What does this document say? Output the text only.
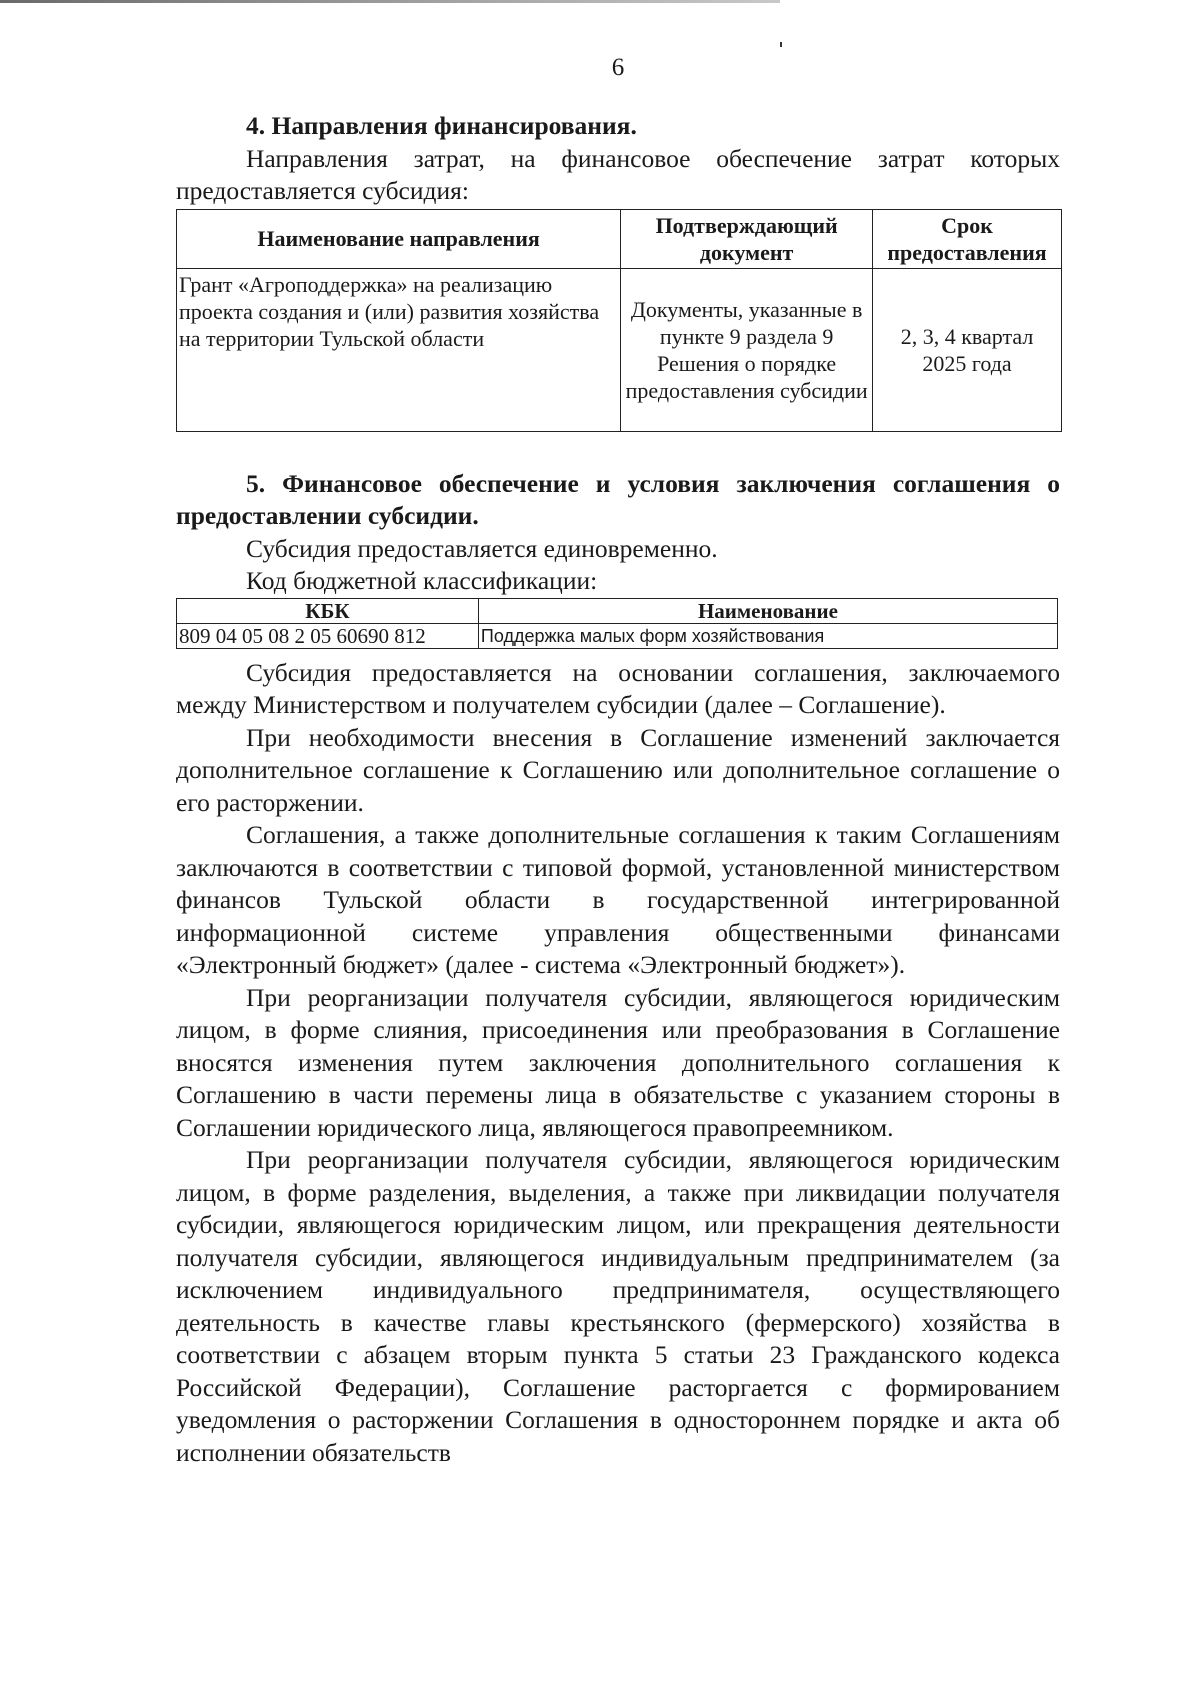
6

4. Направления финансирования.

Направления затрат, на финансовое обеспечение затрат которых предоставляется субсидия:

Наименование направления	Подтверждающий документ	Срок предоставления
Грант «Агроподдержка» на реализацию проекта создания и (или) развития хозяйства на территории Тульской области	Документы, указанные в пункте 9 раздела 9 Решения о порядке предоставления субсидии	2, 3, 4 квартал 2025 года

5. Финансовое обеспечение и условия заключения соглашения о предоставлении субсидии.

Субсидия предоставляется единовременно.

Код бюджетной классификации:

КБК	Наименование
809 04 05 08 2 05 60690 812	Поддержка малых форм хозяйствования

Субсидия предоставляется на основании соглашения, заключаемого между Министерством и получателем субсидии (далее – Соглашение).

При необходимости внесения в Соглашение изменений заключается дополнительное соглашение к Соглашению или дополнительное соглашение о его расторжении.

Соглашения, а также дополнительные соглашения к таким Соглашениям заключаются в соответствии с типовой формой, установленной министерством финансов Тульской области в государственной интегрированной информационной системе управления общественными финансами «Электронный бюджет» (далее - система «Электронный бюджет»).

При реорганизации получателя субсидии, являющегося юридическим лицом, в форме слияния, присоединения или преобразования в Соглашение вносятся изменения путем заключения дополнительного соглашения к Соглашению в части перемены лица в обязательстве с указанием стороны в Соглашении юридического лица, являющегося правопреемником.

При реорганизации получателя субсидии, являющегося юридическим лицом, в форме разделения, выделения, а также при ликвидации получателя субсидии, являющегося юридическим лицом, или прекращения деятельности получателя субсидии, являющегося индивидуальным предпринимателем (за исключением индивидуального предпринимателя, осуществляющего деятельность в качестве главы крестьянского (фермерского) хозяйства в соответствии с абзацем вторым пункта 5 статьи 23 Гражданского кодекса Российской Федерации), Соглашение расторгается с формированием уведомления о расторжении Соглашения в одностороннем порядке и акта об исполнении обязательств
